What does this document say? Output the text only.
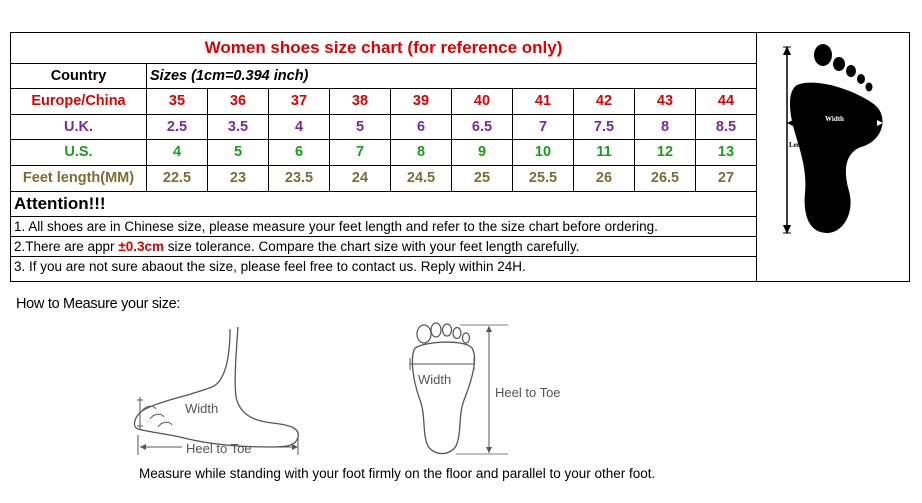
Women shoes size chart (for reference only)											Width
Length

Country	Sizes (1cm=0.394 inch)										
Europe/China	35	36	37	38	39	40	41	42	43	44	
U.K.	2.5	3.5	4	5	6	6.5	7	7.5	8	8.5	
U.S.	4	5	6	7	8	9	10	11	12	13	
Feet length(MM)	22.5	23	23.5	24	24.5	25	25.5	26	26.5	27	

Attention!!!
1. All shoes are in Chinese size, please measure your feet length and refer to the size chart before ordering.
2.There are appr ±0.3cm size tolerance. Compare the chart size with your feet length carefully.
3. If you are not sure abaout the size, please feel free to contact us. Reply within 24H.											
How to Measure your size:
Width
Heel to Toe
Width
Heel to Toe
Measure while standing with your foot firmly on the floor and parallel to your other foot.
